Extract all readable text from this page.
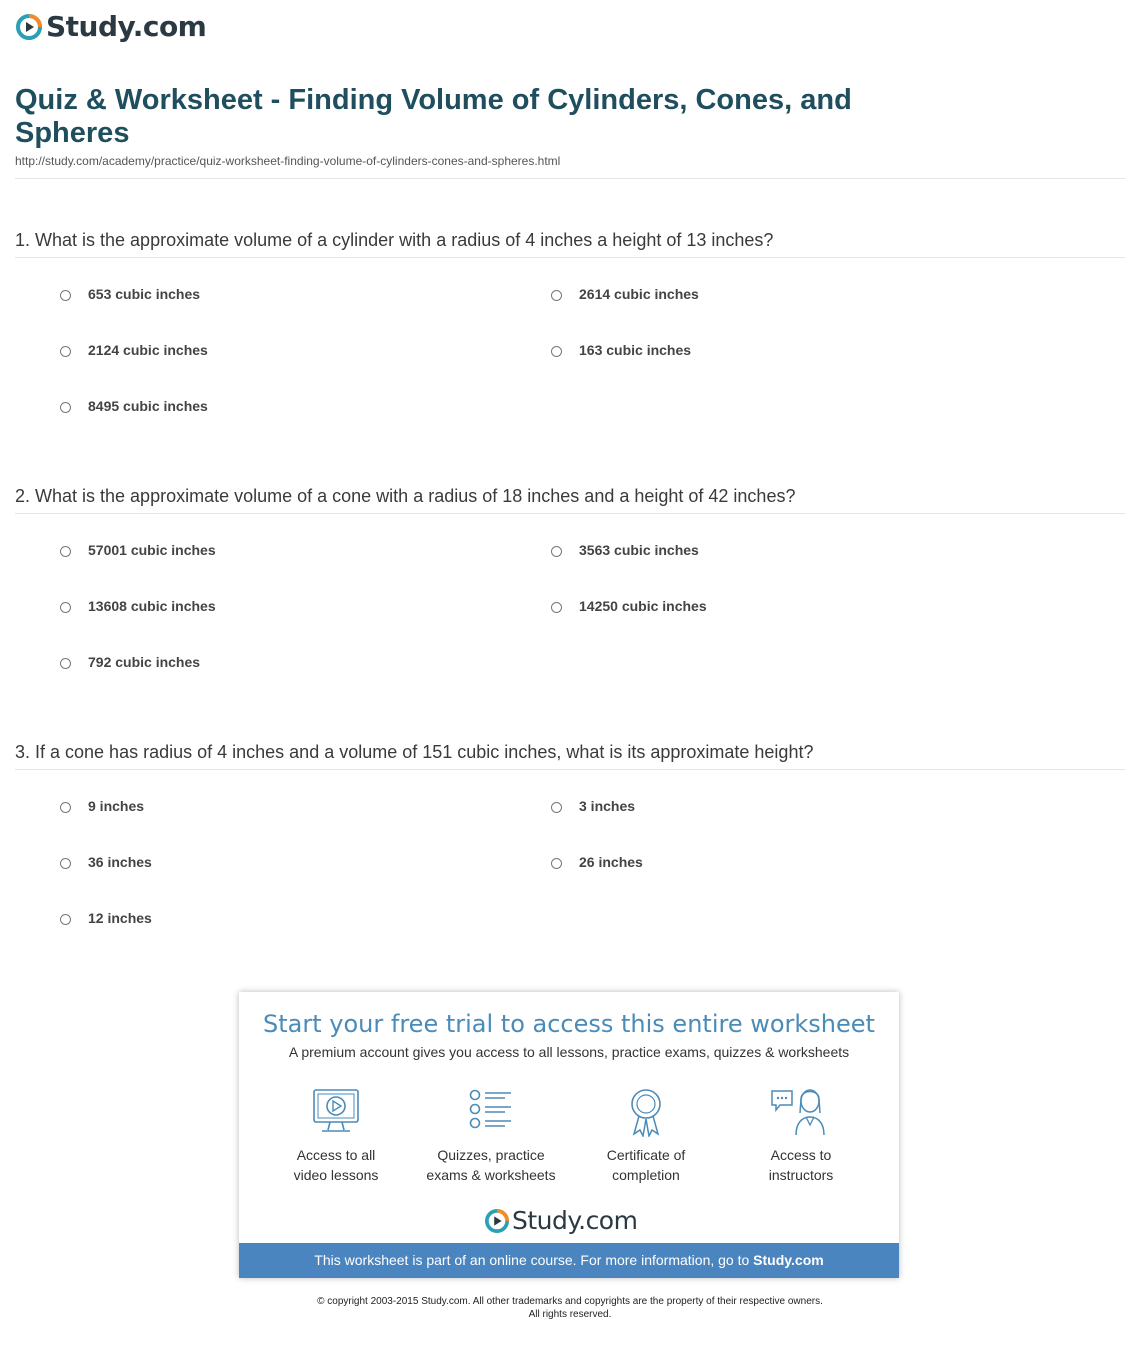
Study.com
Quiz & Worksheet - Finding Volume of Cylinders, Cones, and Spheres
http://study.com/academy/practice/quiz-worksheet-finding-volume-of-cylinders-cones-and-spheres.html
1. What is the approximate volume of a cylinder with a radius of 4 inches a height of 13 inches?
653 cubic inches	2614 cubic inches
2124 cubic inches	163 cubic inches
8495 cubic inches
2. What is the approximate volume of a cone with a radius of 18 inches and a height of 42 inches?
57001 cubic inches	3563 cubic inches
13608 cubic inches	14250 cubic inches
792 cubic inches
3. If a cone has radius of 4 inches and a volume of 151 cubic inches, what is its approximate height?
9 inches	3 inches
36 inches	26 inches
12 inches
Start your free trial to access this entire worksheet
A premium account gives you access to all lessons, practice exams, quizzes & worksheets
Access to all
video lessons
Quizzes, practice
exams & worksheets
Certificate of
completion
Access to
instructors
Study.com
This worksheet is part of an online course. For more information, go to Study.com
© copyright 2003-2015 Study.com. All other trademarks and copyrights are the property of their respective owners.
All rights reserved.
